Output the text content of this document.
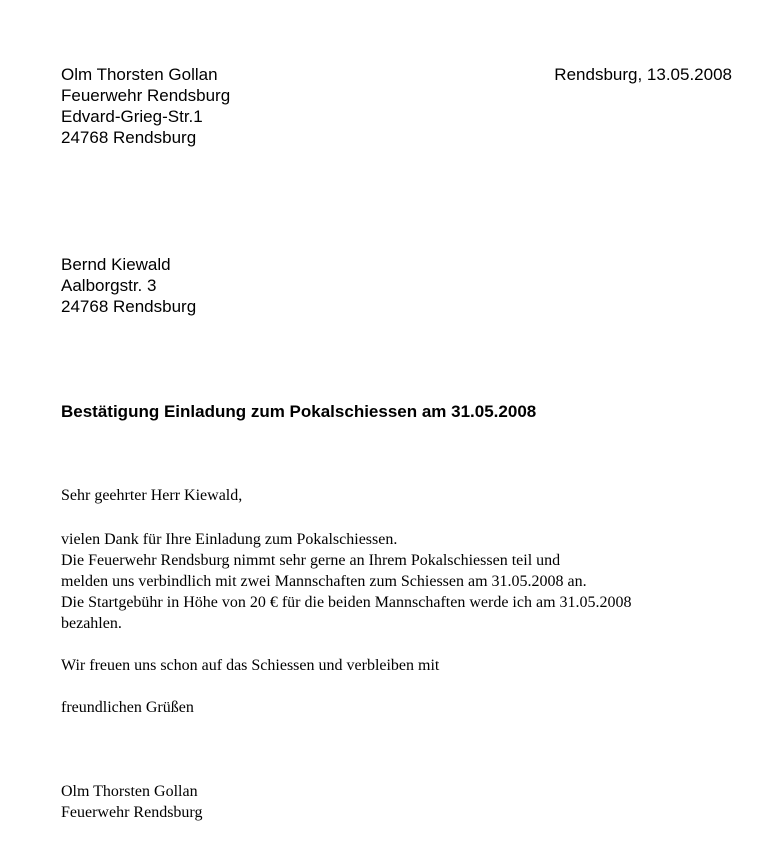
Olm Thorsten Gollan
Feuerwehr Rendsburg
Edvard-Grieg-Str.1
24768 Rendsburg
Rendsburg, 13.05.2008
Bernd Kiewald
Aalborgstr. 3
24768 Rendsburg
Bestätigung Einladung zum Pokalschiessen am 31.05.2008
Sehr geehrter Herr Kiewald,
vielen Dank für Ihre Einladung zum Pokalschiessen.
Die Feuerwehr Rendsburg nimmt sehr gerne an Ihrem Pokalschiessen teil und
melden uns verbindlich mit zwei Mannschaften zum Schiessen am 31.05.2008 an.
Die Startgebühr in Höhe von 20 € für die beiden Mannschaften werde ich am 31.05.2008
bezahlen.
Wir freuen uns schon auf das Schiessen und verbleiben mit
freundlichen Grüßen
Olm Thorsten Gollan
Feuerwehr Rendsburg
